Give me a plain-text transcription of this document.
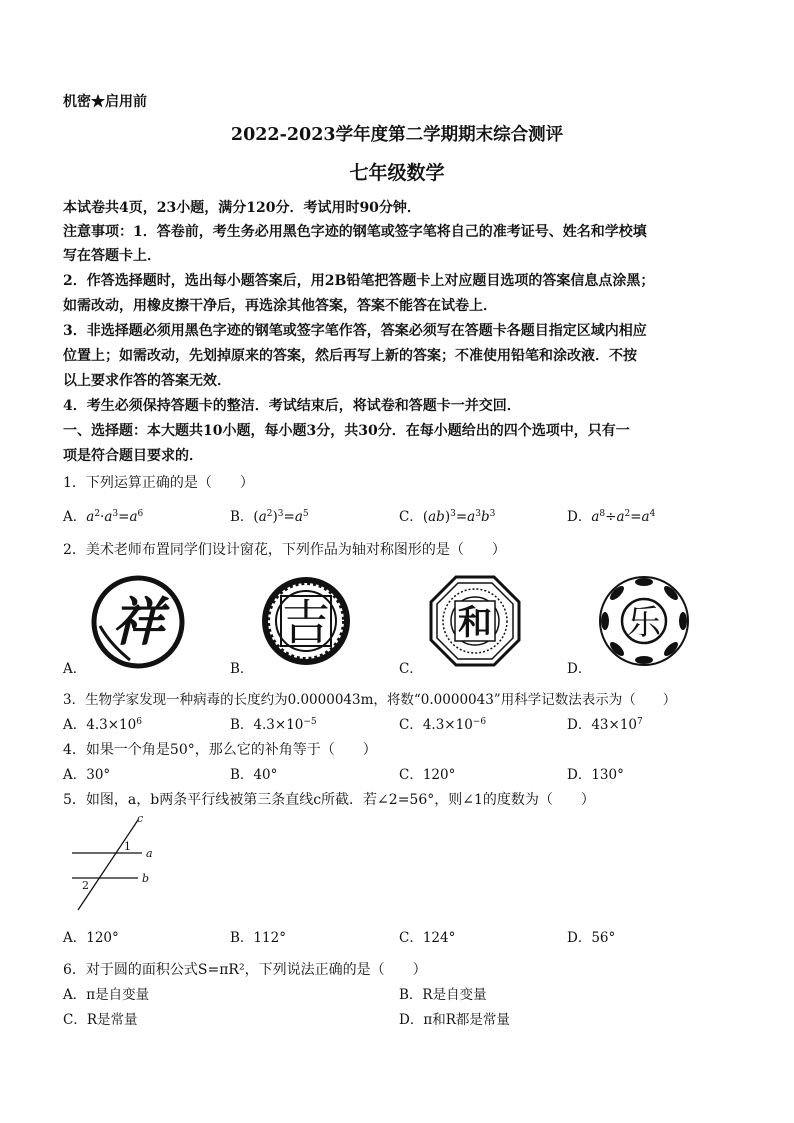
机密★启用前
2022-2023学年度第二学期期末综合测评
七年级数学
本试卷共4页，23小题，满分120分．考试用时90分钟．
注意事项：1．答卷前，考生务必用黑色字迹的钢笔或签字笔将自己的准考证号、姓名和学校填
写在答题卡上．
2．作答选择题时，选出每小题答案后，用2B铅笔把答题卡上对应题目选项的答案信息点涂黑；
如需改动，用橡皮擦干净后，再选涂其他答案，答案不能答在试卷上．
3．非选择题必须用黑色字迹的钢笔或签字笔作答，答案必须写在答题卡各题目指定区域内相应
位置上；如需改动，先划掉原来的答案，然后再写上新的答案；不准使用铅笔和涂改液．不按
以上要求作答的答案无效．
4．考生必须保持答题卡的整洁．考试结束后，将试卷和答题卡一并交回．
一、选择题：本大题共10小题，每小题3分，共30分．在每小题给出的四个选项中，只有一
项是符合题目要求的．
1．下列运算正确的是（　　）
A．$a^2\cdot a^3=a^6$	B．$(a^2)^3=a^5$	C．$(ab)^3=a^3b^3$	D．$a^8\div a^2=a^4$
2．美术老师布置同学们设计窗花，下列作品为轴对称图形的是（　　）
祥 吉	和	乐
A．	B．	C．	D．
3．生物学家发现一种病毒的长度约为0.0000043m，将数“0.0000043”用科学记数法表示为（　　）
A．$4.3\times 10^6$	B．$4.3\times 10^{-5}$	C．$4.3\times 10^{-6}$	D．$43\times 10^7$
4．如果一个角是50°，那么它的补角等于（　　）
A．30°	B．40°	C．120°	D．130°
5．如图，a，b两条平行线被第三条直线c所截．若∠2=56°，则∠1的度数为（　　）
c
a
b
1
2
A．120°	B．112°	C．124°	D．56°
6．对于圆的面积公式S=πR²，下列说法正确的是（　　）
A．π是自变量	B．R是自变量
C．R是常量	D．π和R都是常量
